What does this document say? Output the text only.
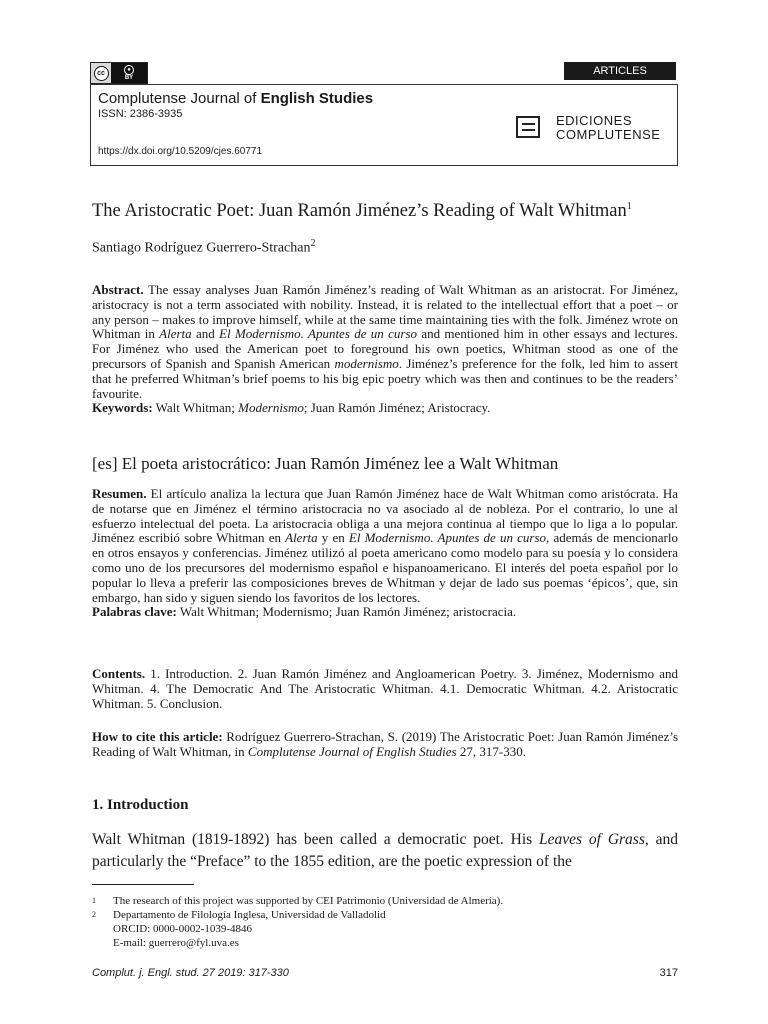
cc	●
BY
ARTICLES
Complutense Journal of English Studies
ISSN: 2386-3935
https://dx.doi.org/10.5209/cjes.60771
EDICIONES
COMPLUTENSE
The Aristocratic Poet: Juan Ramón Jiménez’s Reading of Walt Whitman$^1$
Santiago Rodríguez Guerrero-Strachan$^2$
Abstract. The essay analyses Juan Ramón Jiménez’s reading of Walt Whitman as an aristocrat. For Jiménez, aristocracy is not a term associated with nobility. Instead, it is related to the intellectual effort that a poet – or any person – makes to improve himself, while at the same time maintaining ties with the folk. Jiménez wrote on Whitman in Alerta and El Modernismo. Apuntes de un curso and mentioned him in other essays and lectures. For Jiménez who used the American poet to foreground his own poetics, Whitman stood as one of the precursors of Spanish and Spanish American modernismo. Jiménez’s preference for the folk, led him to assert that he preferred Whitman’s brief poems to his big epic poetry which was then and continues to be the readers’ favourite.
Keywords: Walt Whitman; Modernismo; Juan Ramón Jiménez; Aristocracy.
[es] El poeta aristocrático: Juan Ramón Jiménez lee a Walt Whitman
Resumen. El artículo analiza la lectura que Juan Ramón Jiménez hace de Walt Whitman como aristócrata. Ha de notarse que en Jiménez el término aristocracia no va asociado al de nobleza. Por el contrario, lo une al esfuerzo intelectual del poeta. La aristocracia obliga a una mejora continua al tiempo que lo liga a lo popular. Jiménez escribió sobre Whitman en Alerta y en El Modernismo. Apuntes de un curso, además de mencionarlo en otros ensayos y conferencias. Jiménez utilizó al poeta americano como modelo para su poesía y lo considera como uno de los precursores del modernismo español e hispanoamericano. El interés del poeta español por lo popular lo lleva a preferir las composiciones breves de Whitman y dejar de lado sus poemas ‘épicos’, que, sin embargo, han sido y siguen siendo los favoritos de los lectores.
Palabras clave: Walt Whitman; Modernismo; Juan Ramón Jiménez; aristocracia.
Contents. 1. Introduction. 2. Juan Ramón Jiménez and Angloamerican Poetry. 3. Jiménez, Modernismo and Whitman. 4. The Democratic And The Aristocratic Whitman. 4.1. Democratic Whitman. 4.2. Aristocratic Whitman. 5. Conclusion.
How to cite this article: Rodríguez Guerrero-Strachan, S. (2019) The Aristocratic Poet: Juan Ramón Jiménez’s Reading of Walt Whitman, in Complutense Journal of English Studies 27, 317-330.
1. Introduction
Walt Whitman (1819-1892) has been called a democratic poet. His Leaves of Grass, and particularly the “Preface” to the 1855 edition, are the poetic expression of the
1	The research of this project was supported by CEI Patrimonio (Universidad de Almería).
2	Departamento de Filología Inglesa, Universidad de Valladolid
ORCID: 0000-0002-1039-4846
E-mail: guerrero@fyl.uva.es
Complut. j. Engl. stud. 27 2019: 317-330	317
